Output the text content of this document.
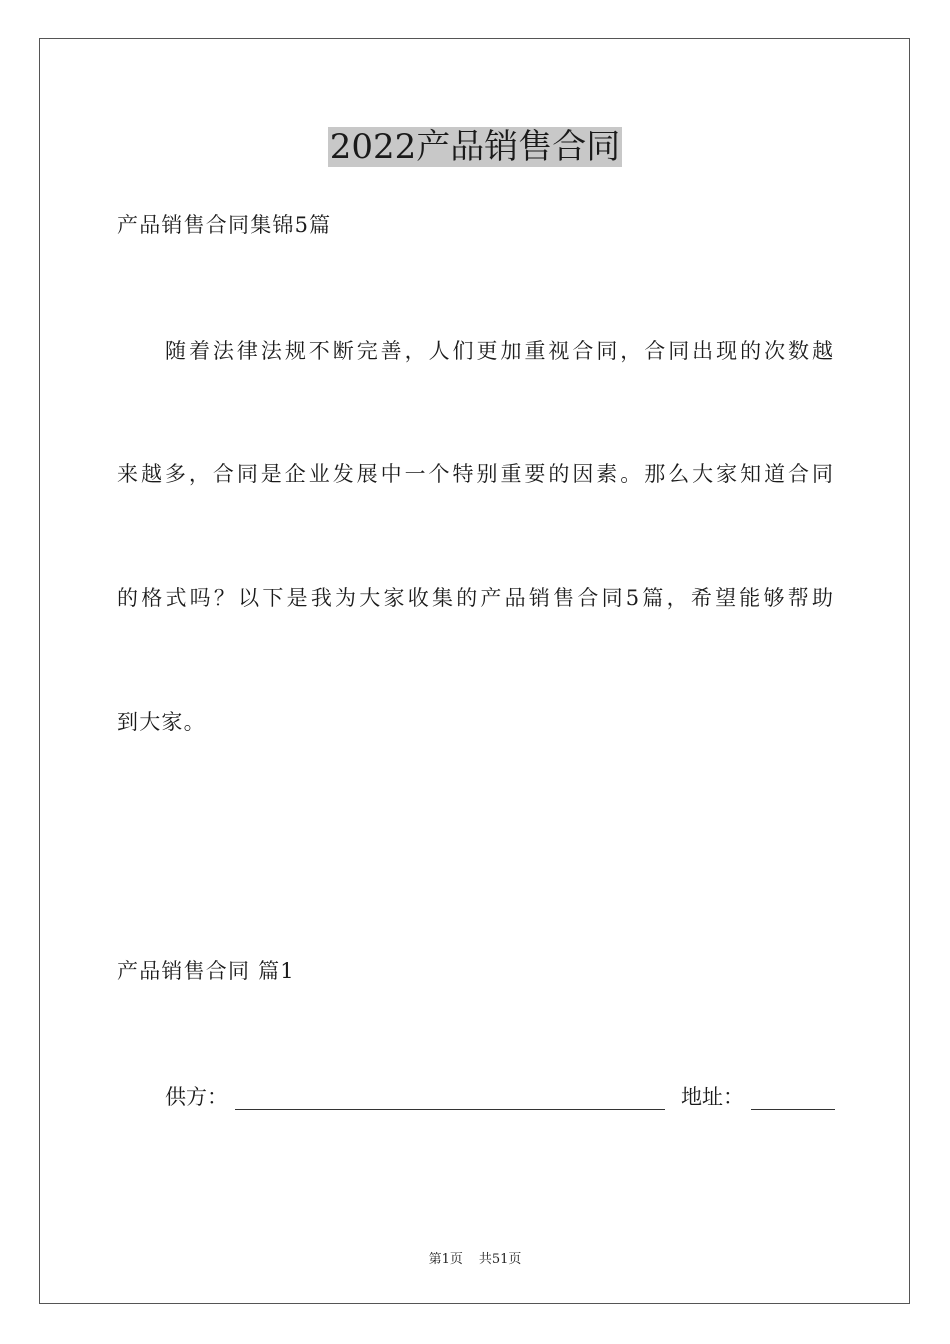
2022产品销售合同
产品销售合同集锦5篇
随着法律法规不断完善，人们更加重视合同，合同出现的次数越
来越多，合同是企业发展中一个特别重要的因素。那么大家知道合同
的格式吗？以下是我为大家收集的产品销售合同5篇，希望能够帮助
到大家。
产品销售合同 篇1
供方：	地址：
第1页 共51页
